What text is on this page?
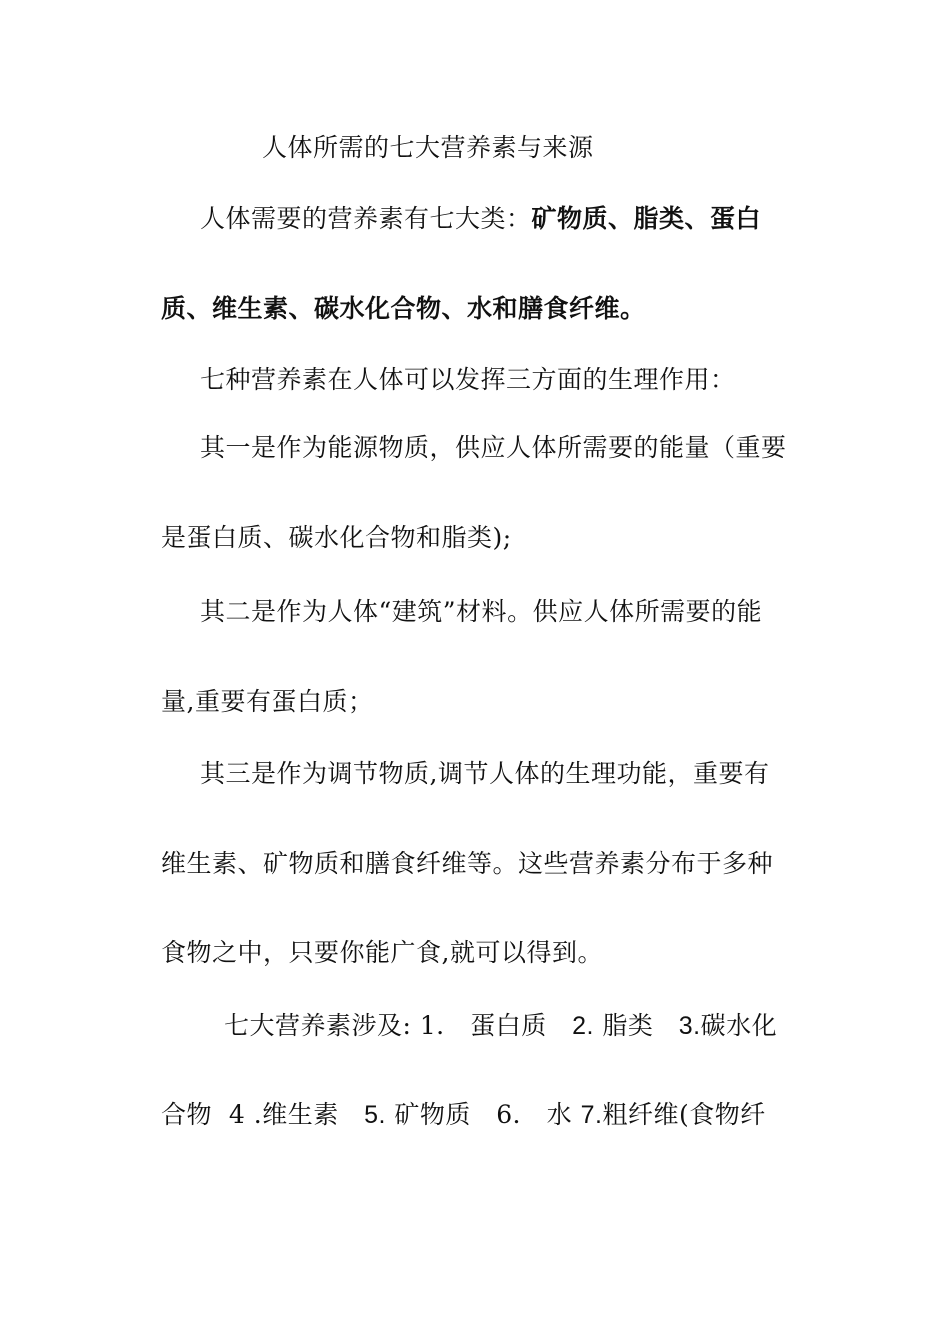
人体所需的七大营养素与来源
人体需要的营养素有七大类：矿物质、脂类、蛋白
质、维生素、碳水化合物、水和膳食纤维。
七种营养素在人体可以发挥三方面的生理作用：
其一是作为能源物质，供应人体所需要的能量（重要
是蛋白质、碳水化合物和脂类);
其二是作为人体“建筑”材料。供应人体所需要的能
量,重要有蛋白质；
其三是作为调节物质,调节人体的生理功能，重要有
维生素、矿物质和膳食纤维等。这些营养素分布于多种
食物之中，只要你能广食,就可以得到。
七大营养素涉及: 1． 蛋白质 2. 脂类 3.碳水化
合物 4 .维生素 5. 矿物质 6． 水 7.粗纤维(食物纤
